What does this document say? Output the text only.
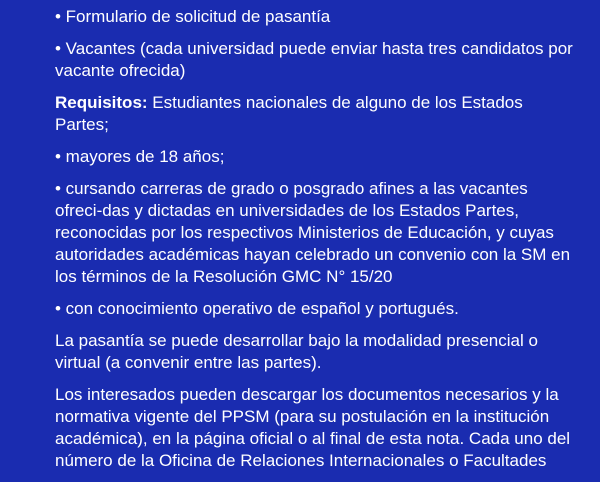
• Formulario de solicitud de pasantía

• Vacantes (cada universidad puede enviar hasta tres candidatos por vacante ofrecida)

Requisitos: Estudiantes nacionales de alguno de los Estados Partes;

• mayores de 18 años;

• cursando carreras de grado o posgrado afines a las vacantes ofreci-das y dictadas en universidades de los Estados Partes, reconocidas por los respectivos Ministerios de Educación, y cuyas autoridades académicas hayan celebrado un convenio con la SM en los términos de la Resolución GMC N° 15/20

• con conocimiento operativo de español y portugués.

La pasantía se puede desarrollar bajo la modalidad presencial o virtual (a convenir entre las partes).

Los interesados pueden descargar los documentos necesarios y la normativa vigente del PPSM (para su postulación en la institución académica), en la página oficial o al final de esta nota. Cada uno del número de la Oficina de Relaciones Internacionales o Facultades
